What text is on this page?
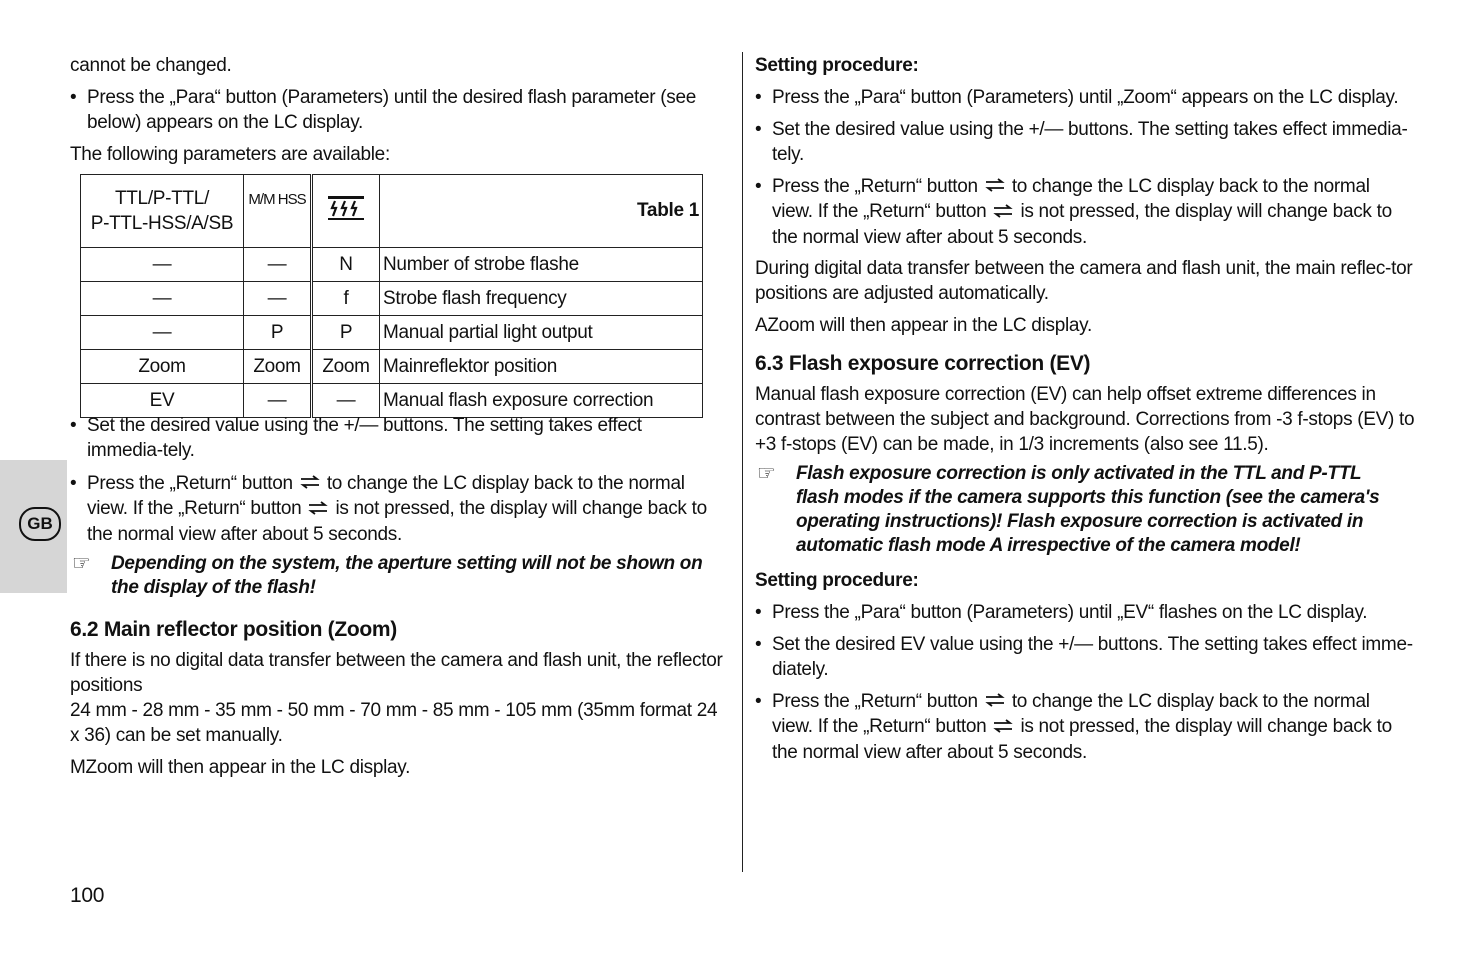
GB
cannot be changed.
• Press the „Para“ button (Parameters) until the desired flash parameter (see below) appears on the LC display.
The following parameters are available:
TTL/P-TTL/
P-TTL-HSS/A/SB	$^{M/M HSS}$		Table 1

—	—	N	Number of strobe flashe
—	—	f	Strobe flash frequency
—	P	P	Manual partial light output
Zoom	Zoom	Zoom	Mainreflektor position
EV	—	—	Manual flash exposure correction
• Set the desired value using the +/— buttons. The setting takes effect immedia-tely.
• Press the „Return“ button to change the LC display back to the normal view. If the „Return“ button is not pressed, the display will change back to the normal view after about 5 seconds.
☞	Depending on the system, the aperture setting will not be shown on the display of the flash!
6.2 Main reflector position (Zoom)
If there is no digital data transfer between the camera and flash unit, the reflector positions
24 mm - 28 mm - 35 mm - 50 mm - 70 mm - 85 mm - 105 mm (35mm format 24 x 36) can be set manually.
MZoom will then appear in the LC display.
Setting procedure:
• Press the „Para“ button (Parameters) until „Zoom“ appears on the LC display.
• Set the desired value using the +/— buttons. The setting takes effect immedia-tely.
• Press the „Return“ button to change the LC display back to the normal view. If the „Return“ button is not pressed, the display will change back to the normal view after about 5 seconds.
During digital data transfer between the camera and flash unit, the main reflec-tor positions are adjusted automatically.
AZoom will then appear in the LC display.
6.3 Flash exposure correction (EV)
Manual flash exposure correction (EV) can help offset extreme differences in contrast between the subject and background. Corrections from -3 f-stops (EV) to +3 f-stops (EV) can be made, in 1/3 increments (also see 11.5).
☞	Flash exposure correction is only activated in the TTL and P-TTL flash modes if the camera supports this function (see the camera's operating instructions)! Flash exposure correction is activated in automatic flash mode A irrespective of the camera model!
Setting procedure:
• Press the „Para“ button (Parameters) until „EV“ flashes on the LC display.
• Set the desired EV value using the +/— buttons. The setting takes effect imme-diately.
• Press the „Return“ button to change the LC display back to the normal view. If the „Return“ button is not pressed, the display will change back to the normal view after about 5 seconds.
100
